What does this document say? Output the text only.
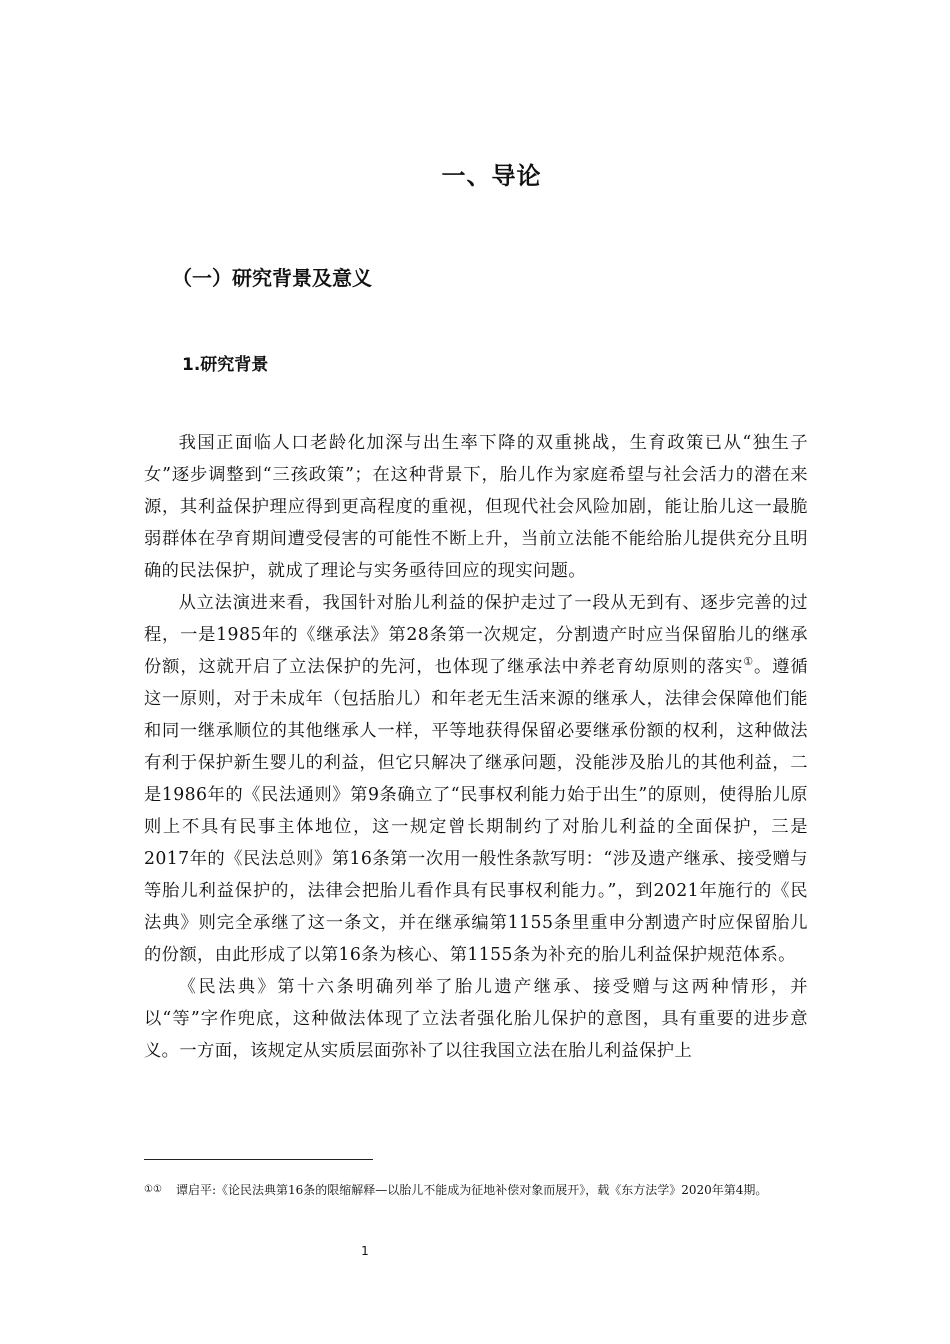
一、导论
（一）研究背景及意义
1.研究背景

我国正面临人口老龄化加深与出生率下降的双重挑战，生育政策已从“独生子女”逐步调整到“三孩政策”；在这种背景下，胎儿作为家庭希望与社会活力的潜在来源，其利益保护理应得到更高程度的重视，但现代社会风险加剧，能让胎儿这一最脆弱群体在孕育期间遭受侵害的可能性不断上升，当前立法能不能给胎儿提供充分且明确的民法保护，就成了理论与实务亟待回应的现实问题。

从立法演进来看，我国针对胎儿利益的保护走过了一段从无到有、逐步完善的过程，一是1985年的《继承法》第28条第一次规定，分割遗产时应当保留胎儿的继承份额，这就开启了立法保护的先河，也体现了继承法中养老育幼原则的落实①。遵循这一原则，对于未成年（包括胎儿）和年老无生活来源的继承人，法律会保障他们能和同一继承顺位的其他继承人一样，平等地获得保留必要继承份额的权利，这种做法有利于保护新生婴儿的利益，但它只解决了继承问题，没能涉及胎儿的其他利益，二是1986年的《民法通则》第9条确立了“民事权利能力始于出生”的原则，使得胎儿原则上不具有民事主体地位，这一规定曾长期制约了对胎儿利益的全面保护，三是2017年的《民法总则》第16条第一次用一般性条款写明：“涉及遗产继承、接受赠与等胎儿利益保护的，法律会把胎儿看作具有民事权利能力。”，到2021年施行的《民法典》则完全承继了这一条文，并在继承编第1155条里重申分割遗产时应保留胎儿的份额，由此形成了以第16条为核心、第1155条为补充的胎儿利益保护规范体系。

《民法典》第十六条明确列举了胎儿遗产继承、接受赠与这两种情形，并以“等”字作兜底，这种做法体现了立法者强化胎儿保护的意图，具有重要的进步意义。一方面，该规定从实质层面弥补了以往我国立法在胎儿利益保护上

①① 谭启平:《论民法典第16条的限缩解释—以胎儿不能成为征地补偿对象而展开》，载《东方法学》2020年第4期。

1
